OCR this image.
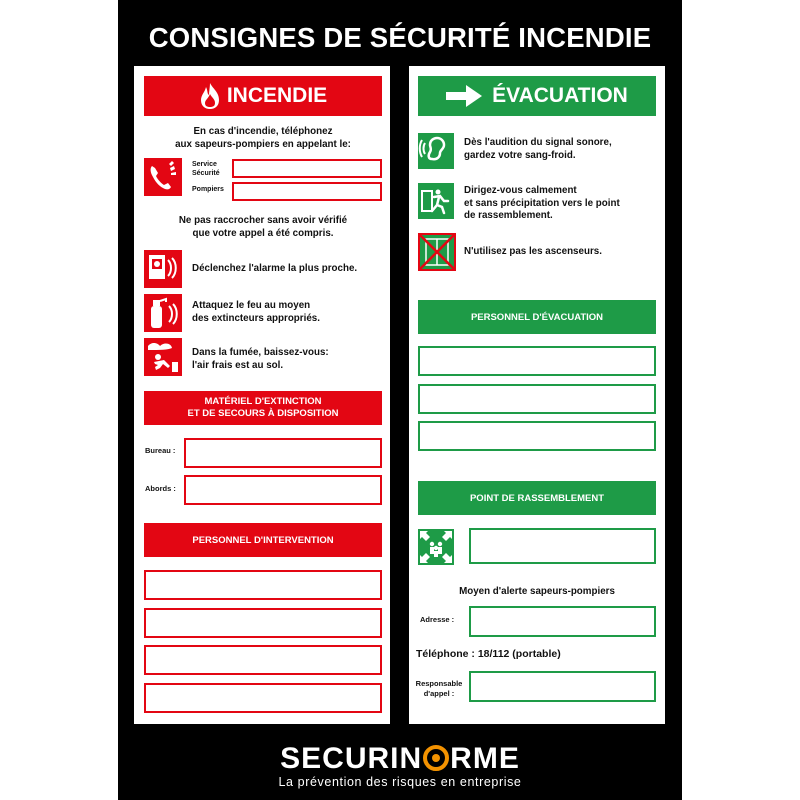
CONSIGNES DE SÉCURITÉ INCENDIE
INCENDIE
En cas d'incendie, téléphonez
aux sapeurs-pompiers en appelant le:
Service
Sécurité
Pompiers
Ne pas raccrocher sans avoir vérifié
que votre appel a été compris.
Déclenchez l'alarme la plus proche.
Attaquez le feu au moyen
des extincteurs appropriés.
Dans la fumée, baissez-vous:
l'air frais est au sol.
MATÉRIEL D'EXTINCTION
ET DE SECOURS À DISPOSITION
Bureau :
Abords :
PERSONNEL D'INTERVENTION
ÉVACUATION
Dès l'audition du signal sonore,
gardez votre sang-froid.
Dirigez-vous calmement
et sans précipitation vers le point
de rassemblement.
N'utilisez pas les ascenseurs.
PERSONNEL D'ÉVACUATION
POINT DE RASSEMBLEMENT
Moyen d'alerte sapeurs-pompiers
Adresse :
Téléphone : 18/112 (portable)
Responsable
d'appel :
SECURIN RME
La prévention des risques en entreprise
